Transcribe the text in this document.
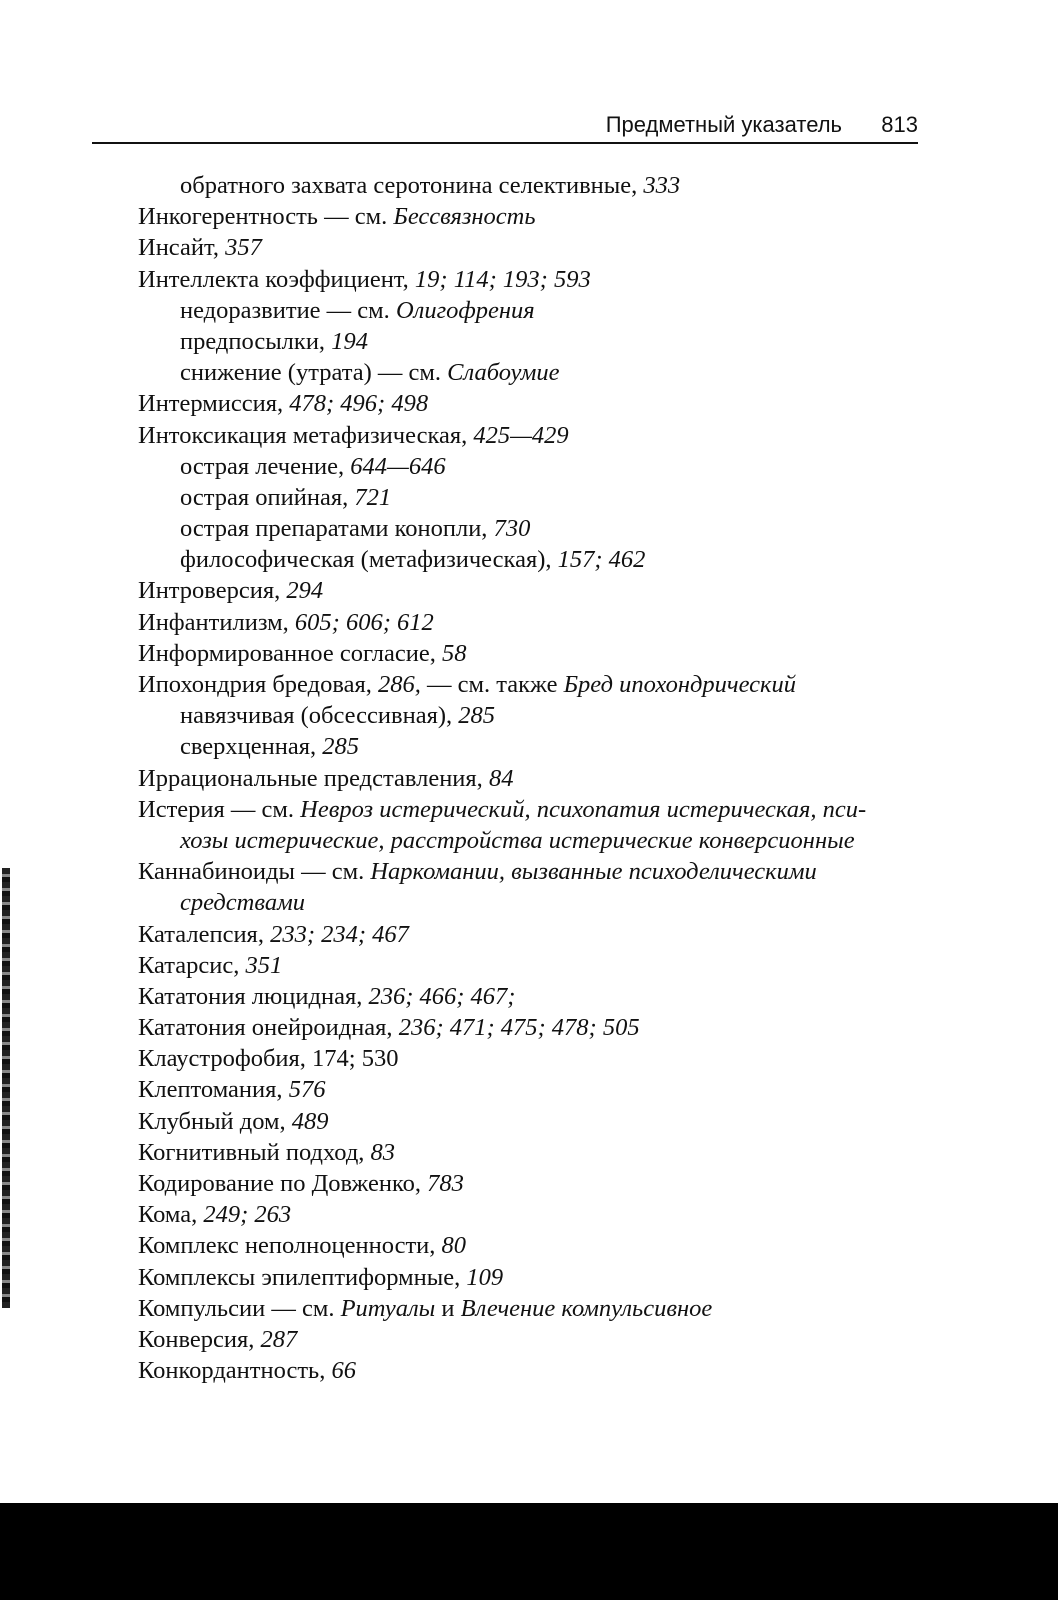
Предметный указатель 813
обратного захвата серотонина селективные, 333
Инкогерентность — см. Бессвязность
Инсайт, 357
Интеллекта коэффициент, 19; 114; 193; 593
недоразвитие — см. Олигофрения
предпосылки, 194
снижение (утрата) — см. Слабоумие
Интермиссия, 478; 496; 498
Интоксикация метафизическая, 425—429
острая лечение, 644—646
острая опийная, 721
острая препаратами конопли, 730
философическая (метафизическая), 157; 462
Интроверсия, 294
Инфантилизм, 605; 606; 612
Информированное согласие, 58
Ипохондрия бредовая, 286, — см. также Бред ипохондрический
навязчивая (обсессивная), 285
сверхценная, 285
Иррациональные представления, 84
Истерия — см. Невроз истерический, психопатия истерическая, пси-
хозы истерические, расстройства истерические конверсионные
Каннабиноиды — см. Наркомании, вызванные психоделическими
средствами
Каталепсия, 233; 234; 467
Катарсис, 351
Кататония люцидная, 236; 466; 467;
Кататония онейроидная, 236; 471; 475; 478; 505
Клаустрофобия, 174; 530
Клептомания, 576
Клубный дом, 489
Когнитивный подход, 83
Кодирование по Довженко, 783
Кома, 249; 263
Комплекс неполноценности, 80
Комплексы эпилептиформные, 109
Компульсии — см. Ритуалы и Влечение компульсивное
Конверсия, 287
Конкордантность, 66
